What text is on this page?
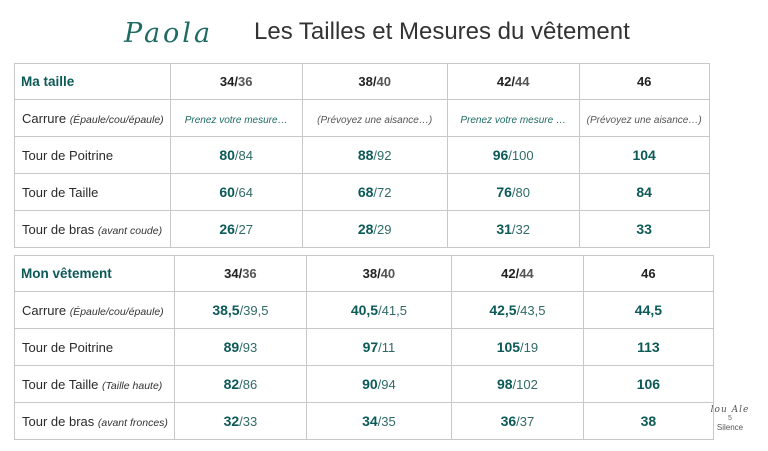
Paola Les Tailles et Mesures du vêtement
Ma taille	34/36	38/40	42/44	46
Carrure (Épaule/cou/épaule)	Prenez votre mesure…	(Prévoyez une aisance…)	Prenez votre mesure …	(Prévoyez une aisance…)
Tour de Poitrine	80/84	88/92	96/100	104
Tour de Taille	60/64	68/72	76/80	84
Tour de bras (avant coude)	26/27	28/29	31/32	33
Mon vêtement	34/36	38/40	42/44	46
Carrure (Épaule/cou/épaule)	38,5/39,5	40,5/41,5	42,5/43,5	44,5
Tour de Poitrine	89/93	97/11	105/19	113
Tour de Taille (Taille haute)	82/86	90/94	98/102	106
Tour de bras (avant fronces)	32/33	34/35	36/37	38
lou Ale
5
Silence
